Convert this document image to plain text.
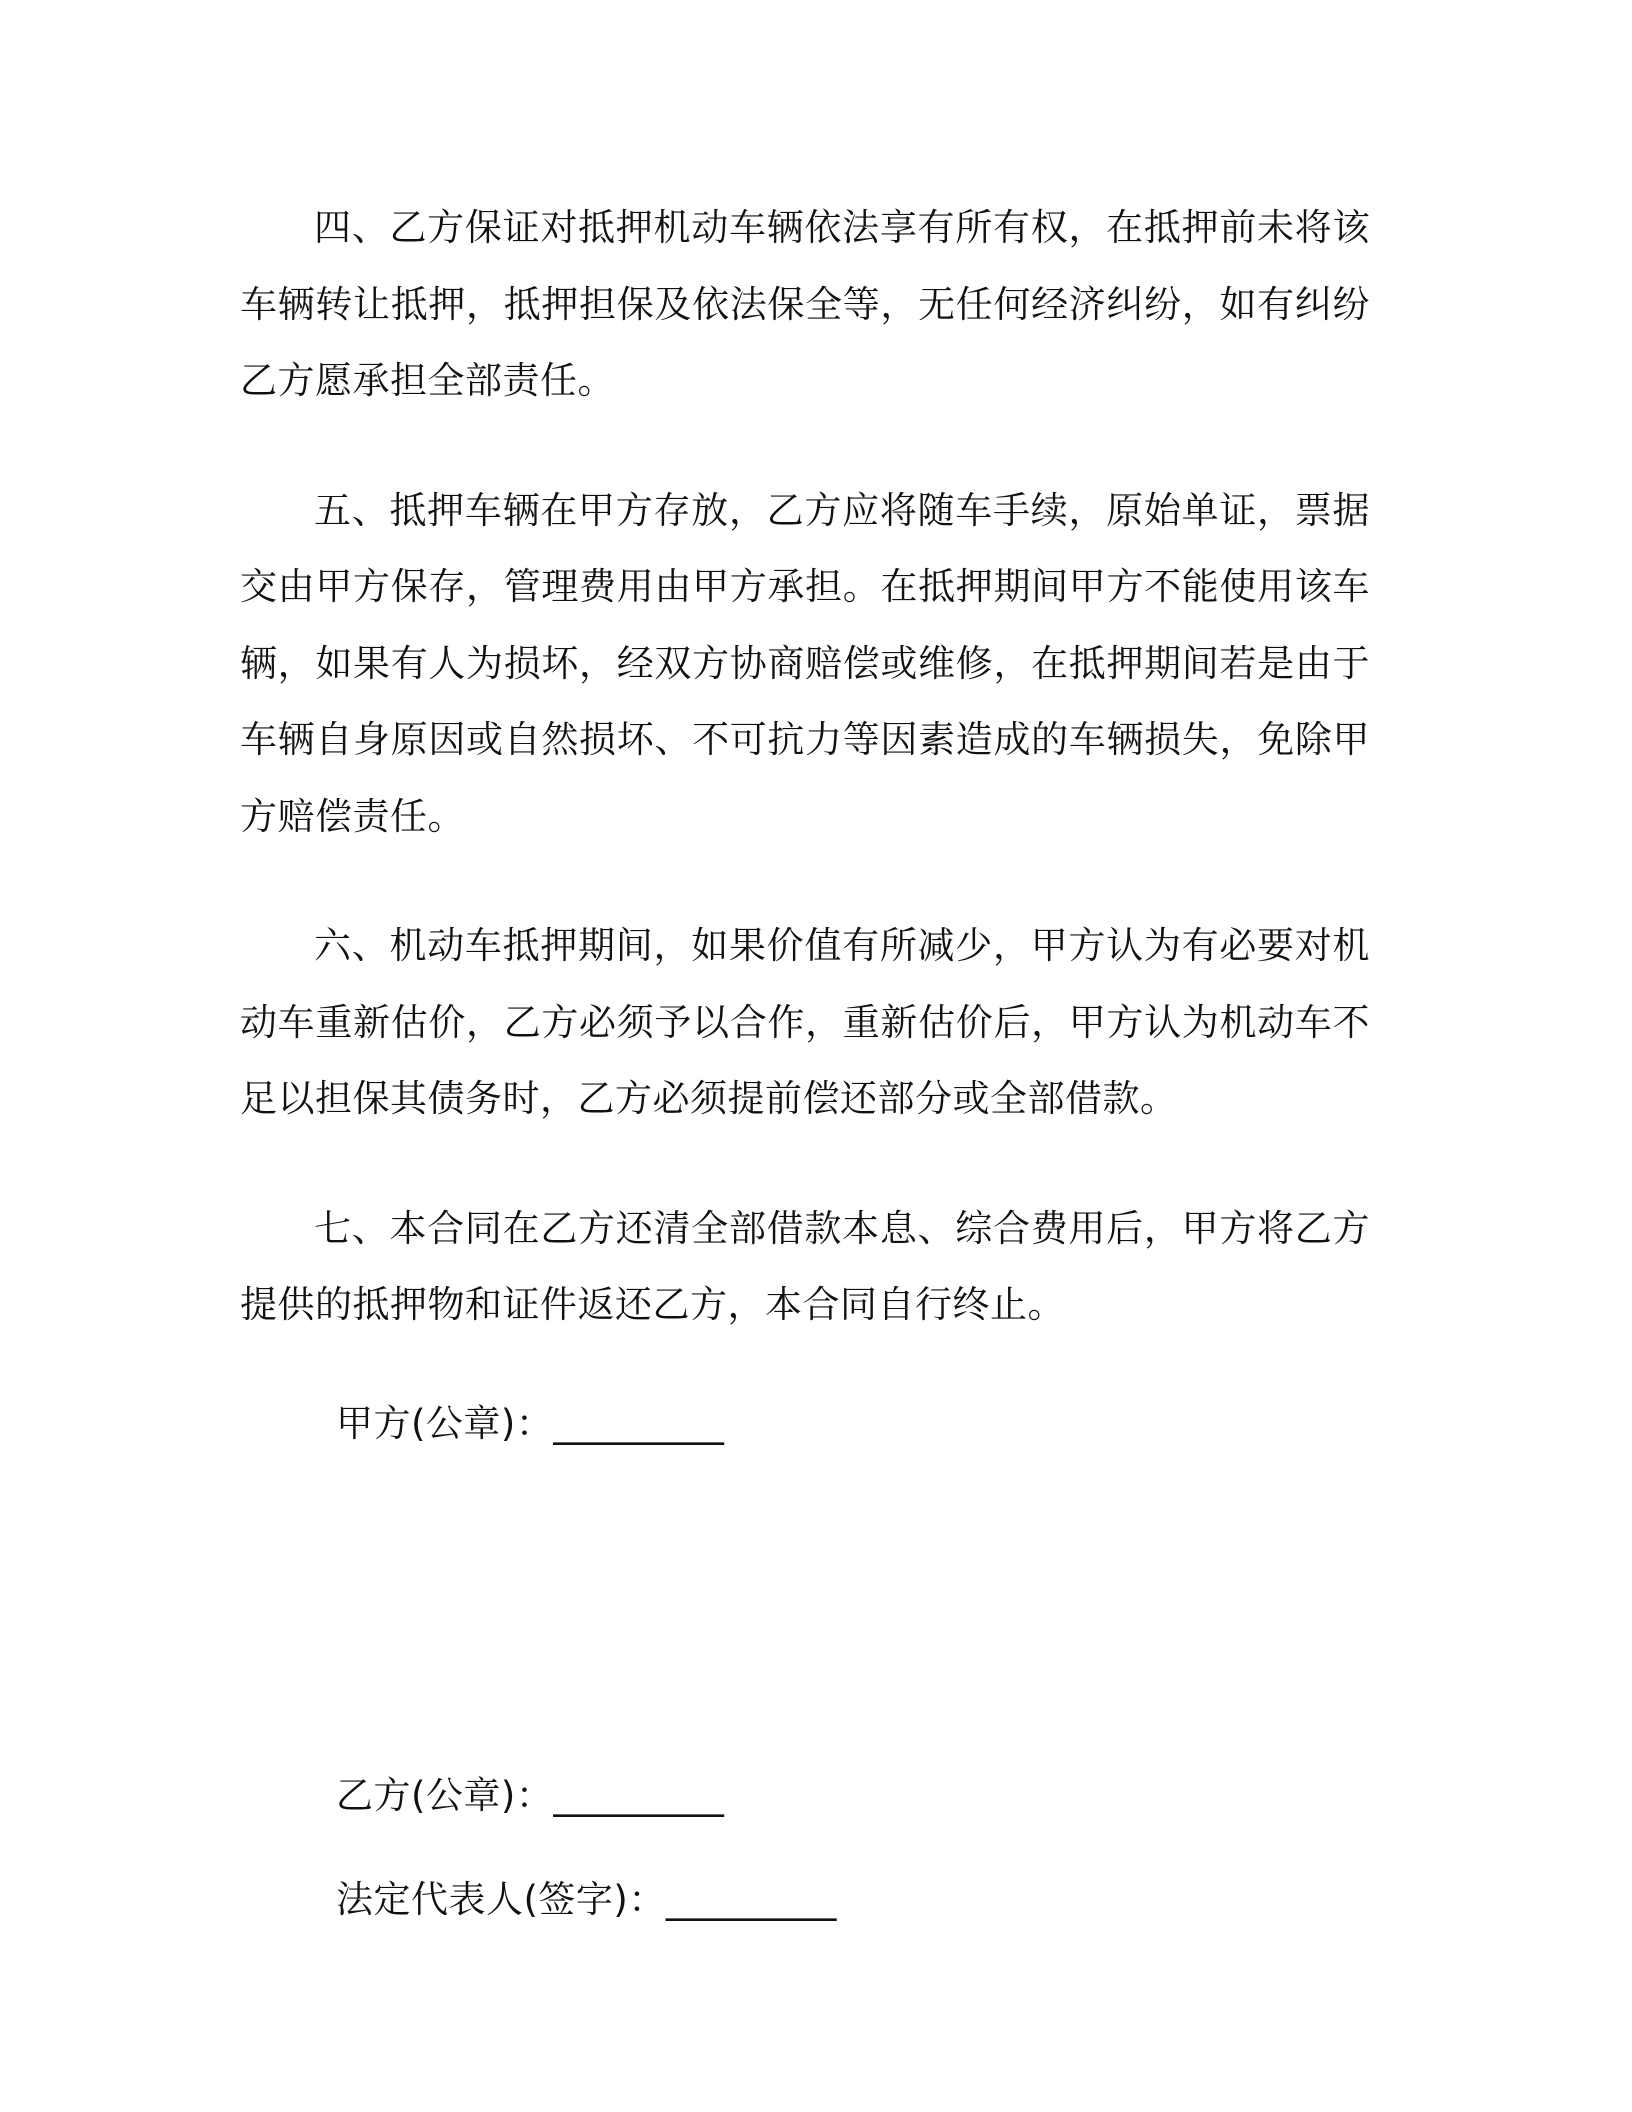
四、乙方保证对抵押机动车辆依法享有所有权，在抵押前未将该车辆转让抵押，抵押担保及依法保全等，无任何经济纠纷，如有纠纷乙方愿承担全部责任。

五、抵押车辆在甲方存放，乙方应将随车手续，原始单证，票据交由甲方保存，管理费用由甲方承担。在抵押期间甲方不能使用该车辆，如果有人为损坏，经双方协商赔偿或维修，在抵押期间若是由于车辆自身原因或自然损坏、不可抗力等因素造成的车辆损失，免除甲方赔偿责任。

六、机动车抵押期间，如果价值有所减少，甲方认为有必要对机动车重新估价，乙方必须予以合作，重新估价后，甲方认为机动车不足以担保其债务时，乙方必须提前偿还部分或全部借款。

七、本合同在乙方还清全部借款本息、综合费用后，甲方将乙方提供的抵押物和证件返还乙方，本合同自行终止。

甲方(公章)：_________

乙方(公章)：_________

法定代表人(签字)：_________
